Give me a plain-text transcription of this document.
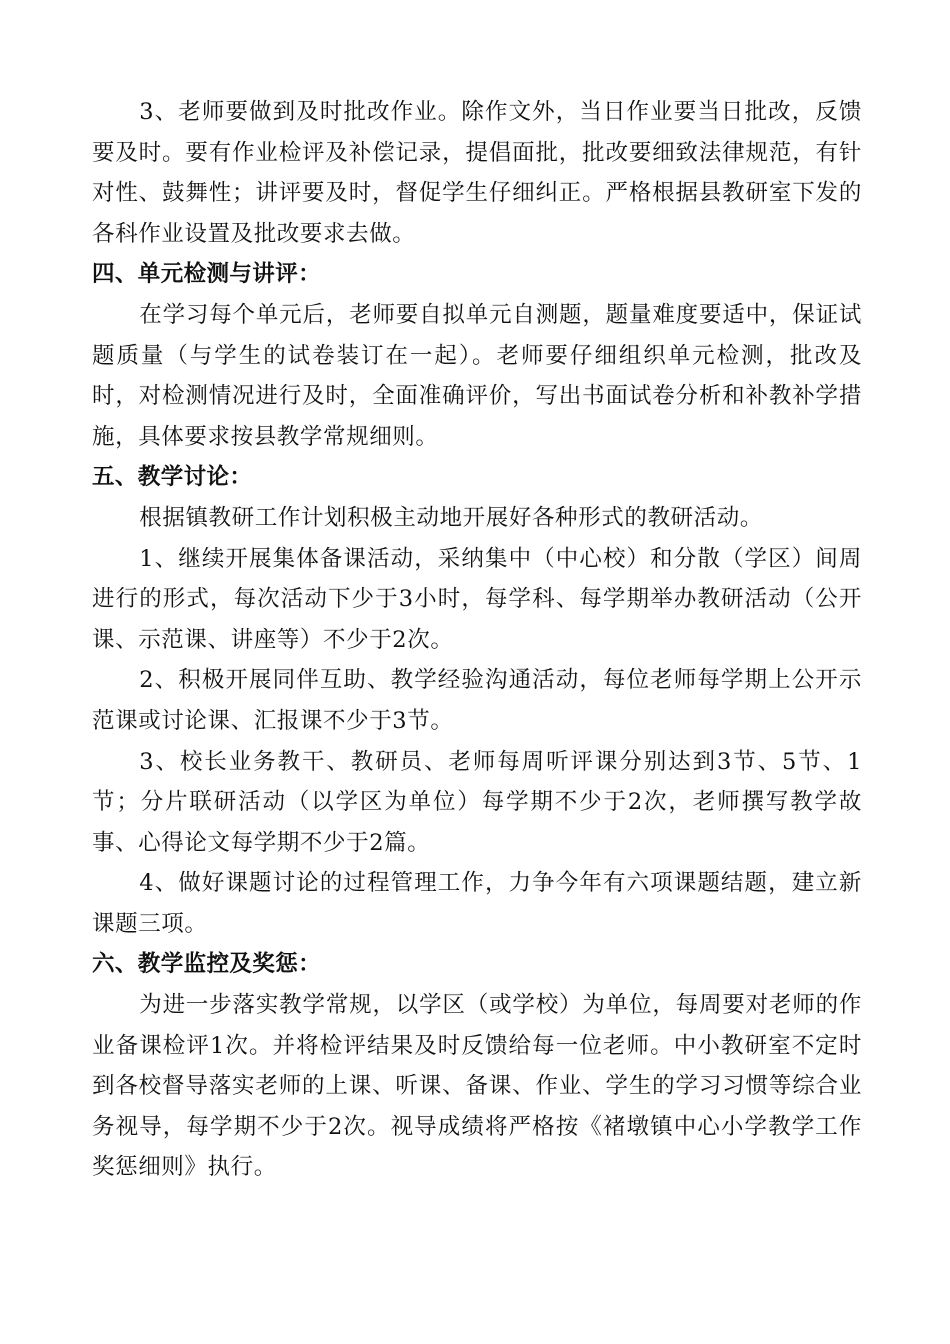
3、老师要做到及时批改作业。除作文外，当日作业要当日批改，反馈要及时。要有作业检评及补偿记录，提倡面批，批改要细致法律规范，有针对性、鼓舞性；讲评要及时，督促学生仔细纠正。严格根据县教研室下发的各科作业设置及批改要求去做。

四、单元检测与讲评：

在学习每个单元后，老师要自拟单元自测题，题量难度要适中，保证试题质量（与学生的试卷装订在一起）。老师要仔细组织单元检测，批改及时，对检测情况进行及时，全面准确评价，写出书面试卷分析和补教补学措施，具体要求按县教学常规细则。

五、教学讨论：

根据镇教研工作计划积极主动地开展好各种形式的教研活动。

1、继续开展集体备课活动，采纳集中（中心校）和分散（学区）间周进行的形式，每次活动下少于3小时，每学科、每学期举办教研活动（公开课、示范课、讲座等）不少于2次。

2、积极开展同伴互助、教学经验沟通活动，每位老师每学期上公开示范课或讨论课、汇报课不少于3节。

3、校长业务教干、教研员、老师每周听评课分别达到3节、5节、1节；分片联研活动（以学区为单位）每学期不少于2次，老师撰写教学故事、心得论文每学期不少于2篇。

4、做好课题讨论的过程管理工作，力争今年有六项课题结题，建立新课题三项。

六、教学监控及奖惩：

为进一步落实教学常规，以学区（或学校）为单位，每周要对老师的作业备课检评1次。并将检评结果及时反馈给每一位老师。中小教研室不定时到各校督导落实老师的上课、听课、备课、作业、学生的学习习惯等综合业务视导，每学期不少于2次。视导成绩将严格按《褚墩镇中心小学教学工作奖惩细则》执行。
